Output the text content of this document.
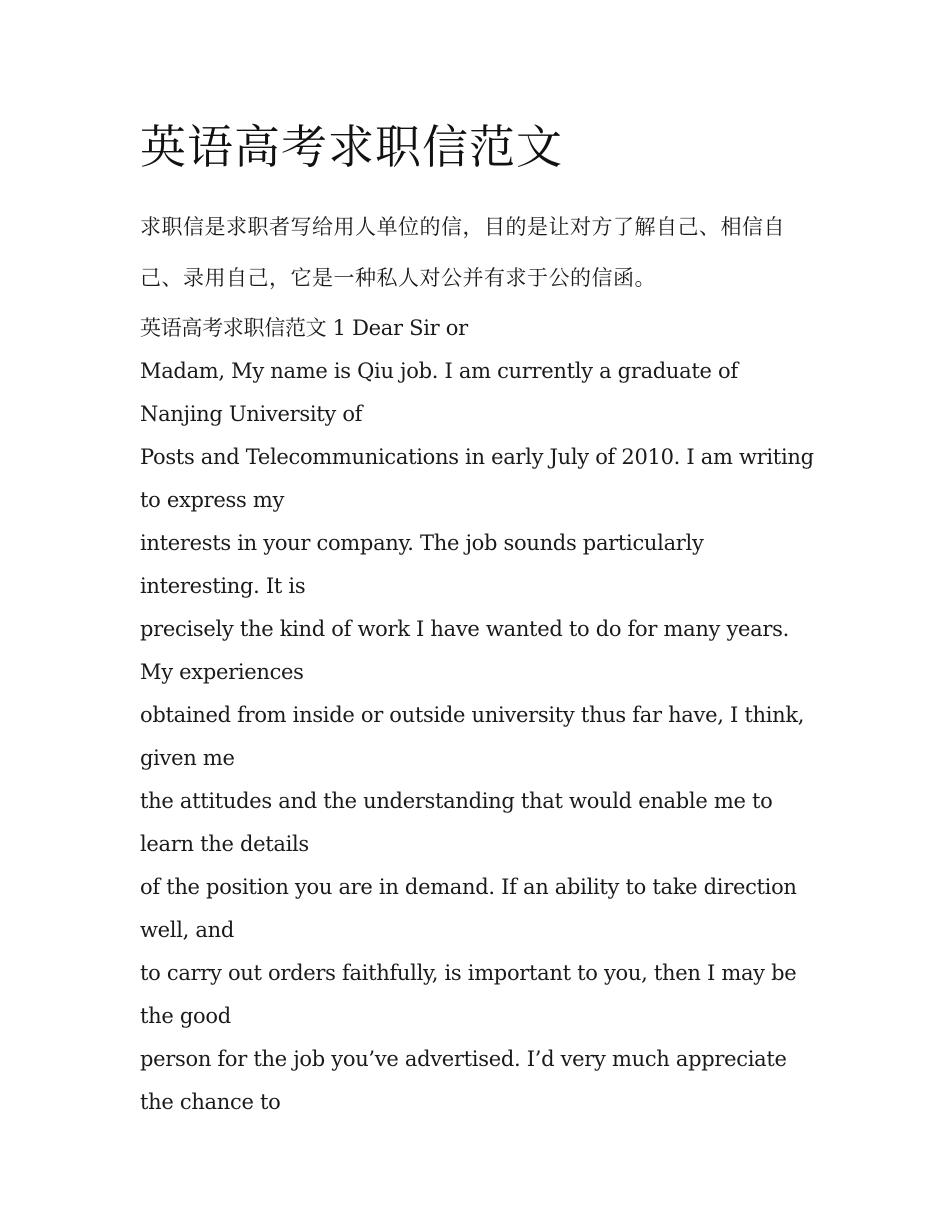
英语高考求职信范文

求职信是求职者写给用人单位的信，目的是让对方了解自己、相信自己、录用自己，它是一种私人对公并有求于公的信函。

英语高考求职信范文 1 Dear Sir or

Madam, My name is Qiu job. I am currently a graduate of Nanjing University of
Posts and Telecommunications in early July of 2010. I am writing to express my
interests in your company. The job sounds particularly interesting. It is
precisely the kind of work I have wanted to do for many years. My experiences
obtained from inside or outside university thus far have, I think, given me
the attitudes and the understanding that would enable me to learn the details
of the position you are in demand. If an ability to take direction well, and
to carry out orders faithfully, is important to you, then I may be the good
person for the job you’ve advertised. I’d very much appreciate the chance to
